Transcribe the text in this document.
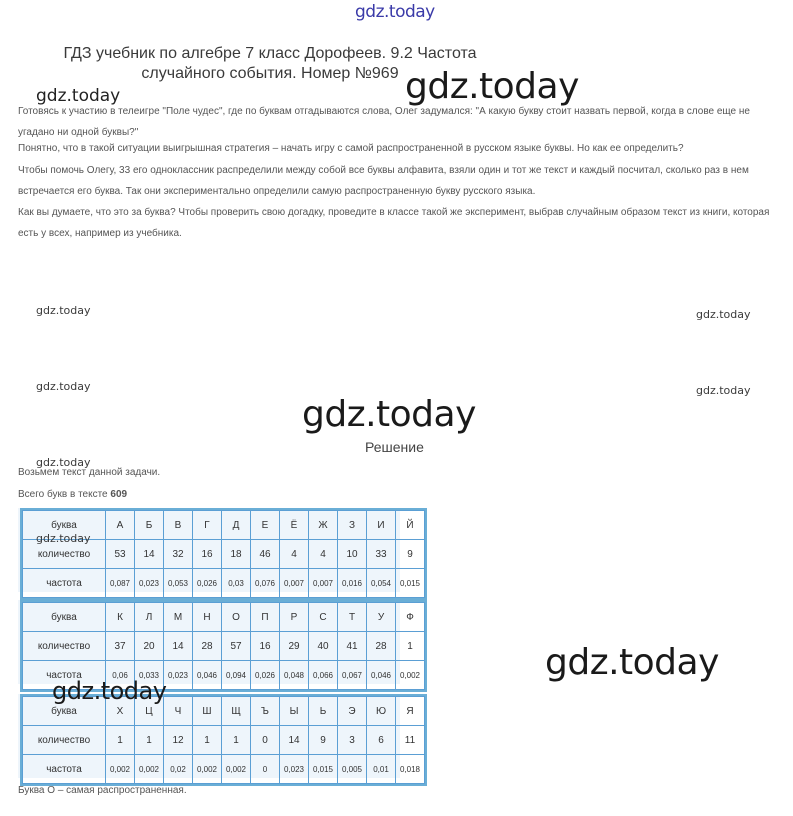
gdz.today
ГДЗ учебник по алгебре 7 класс Дорофеев. 9.2 Частота случайного события. Номер №969 gdz.today
gdz.today
Готовясь к участию в телеигре "Поле чудес", где по буквам отгадываются слова, Олег задумался: "А какую букву стоит назвать первой, когда в слове еще не угадано ни одной буквы?"
Понятно, что в такой ситуации выигрышная стратегия – начать игру с самой распространенной в русском языке буквы. Но как ее определить?
Чтобы помочь Олегу, 33 его одноклассник распределили между собой все буквы алфавита, взяли один и тот же текст и каждый посчитал, сколько раз в нем встречается его буква. Так они экспериментально определили самую распространенную букву русского языка.
Как вы думаете, что это за буква? Чтобы проверить свою догадку, проведите в классе такой же эксперимент, выбрав случайным образом текст из книги, которая есть у всех, например из учебника.
gdz.today	gdz.today
gdz.today	gdz.today
gdz.today
Решение
gdz.today
Возьмем текст данной задачи.
Всего букв в тексте 609
буква	А	Б	В	Г	Д	Е	Ё	Ж	З	И	Й
количество	53	14	32	16	18	46	4	4	10	33	9
частота	0,087	0,023	0,053	0,026	0,03	0,076	0,007	0,007	0,016	0,054	0,015
gdz.today
буква	К	Л	М	Н	О	П	Р	С	Т	У	Ф
количество	37	20	14	28	57	16	29	40	41	28	1
частота	0,06	0,033	0,023	0,046	0,094	0,026	0,048	0,066	0,067	0,046	0,002
буква	Х	Ц	Ч	Ш	Щ	Ъ	Ы	Ь	Э	Ю	Я
количество	1	1	12	1	1	0	14	9	3	6	11
частота	0,002	0,002	0,02	0,002	0,002	0	0,023	0,015	0,005	0,01	0,018
gdz.today
gdz.today
Буква О – самая распространенная.
